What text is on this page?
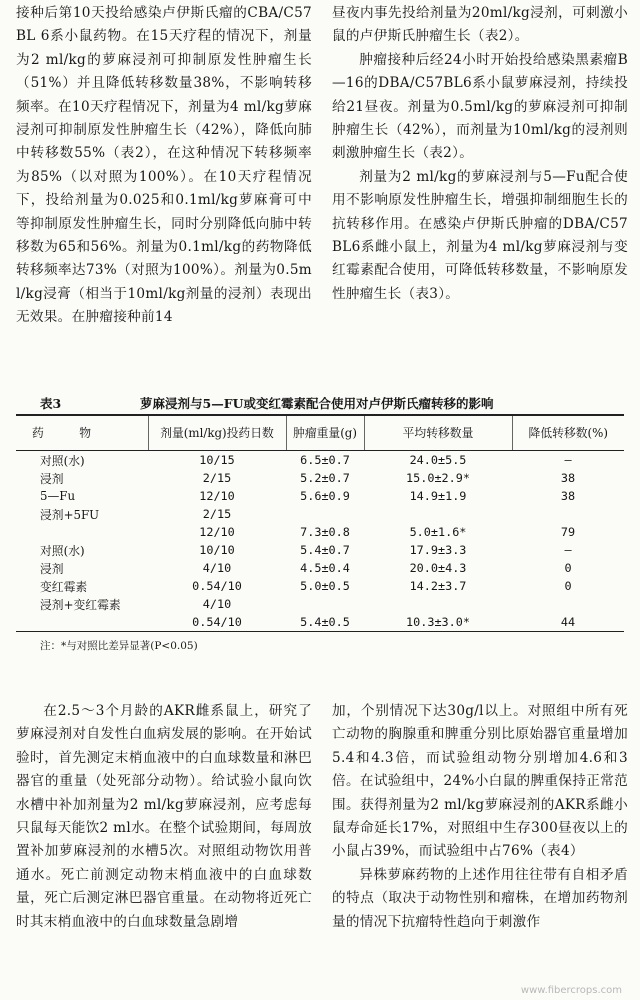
接种后第10天投给感染卢伊斯氏瘤的CBA/C57BL 6系小鼠药物。在15天疗程的情况下，剂量为2 ml/kg的萝麻浸剂可抑制原发性肿瘤生长（51%）并且降低转移数量38%，不影响转移频率。在10天疗程情况下，剂量为4 ml/kg萝麻浸剂可抑制原发性肿瘤生长（42%），降低向肺中转移数55%（表2），在这种情况下转移频率为85%（以对照为100%）。在10天疗程情况下，投给剂量为0.025和0.1ml/kg萝麻膏可中等抑制原发性肿瘤生长，同时分别降低向肺中转移数为65和56%。剂量为0.1ml/kg的药物降低转移频率达73%（对照为100%）。剂量为0.5ml/kg浸膏（相当于10ml/kg剂量的浸剂）表现出无效果。在肿瘤接种前14

昼夜内事先投给剂量为20ml/kg浸剂，可刺激小鼠的卢伊斯氏肿瘤生长（表2）。

肿瘤接种后经24小时开始投给感染黑素瘤B—16的DBA/C57BL6系小鼠萝麻浸剂，持续投给21昼夜。剂量为0.5ml/kg的萝麻浸剂可抑制肿瘤生长（42%），而剂量为10ml/kg的浸剂则刺激肿瘤生长（表2）。

剂量为2 ml/kg的萝麻浸剂与5—Fu配合使用不影响原发性肿瘤生长，增强抑制细胞生长的抗转移作用。在感染卢伊斯氏肿瘤的DBA/C57BL6系雌小鼠上，剂量为4 ml/kg萝麻浸剂与变红霉素配合使用，可降低转移数量，不影响原发性肿瘤生长（表3）。

表3	萝麻浸剂与5—FU或变红霉素配合使用对卢伊斯氏瘤转移的影响
药　　　物	剂量(ml/kg)投药日数	肿瘤重量(g)	平均转移数量	降低转移数(%)
对照(水)	10/15	6.5±0.7	24.0±5.5	—
浸剂	2/15	5.2±0.7	15.0±2.9*	38
5—Fu	12/10	5.6±0.9	14.9±1.9	38
浸剂+5FU	2/15			
	12/10	7.3±0.8	5.0±1.6*	79
对照(水)	10/10	5.4±0.7	17.9±3.3	—
浸剂	4/10	4.5±0.4	20.0±4.3	0
变红霉素	0.54/10	5.0±0.5	14.2±3.7	0
浸剂+变红霉素	4/10			
	0.54/10	5.4±0.5	10.3±3.0*	44
注：*与对照比差异显著(P<0.05)

在2.5～3个月龄的AKR雌系鼠上，研究了萝麻浸剂对自发性白血病发展的影响。在开始试验时，首先测定末梢血液中的白血球数量和淋巴器官的重量（处死部分动物）。给试验小鼠向饮水槽中补加剂量为2 ml/kg萝麻浸剂，应考虑每只鼠每天能饮2 ml水。在整个试验期间，每周放置补加萝麻浸剂的水槽5次。对照组动物饮用普通水。死亡前测定动物末梢血液中的白血球数量，死亡后测定淋巴器官重量。在动物将近死亡时其末梢血液中的白血球数量急剧增

加，个别情况下达30g/l以上。对照组中所有死亡动物的胸腺重和脾重分别比原始器官重量增加5.4和4.3倍，而试验组动物分别增加4.6和3倍。在试验组中，24%小白鼠的脾重保持正常范围。获得剂量为2 ml/kg萝麻浸剂的AKR系雌小鼠寿命延长17%，对照组中生存300昼夜以上的小鼠占39%，而试验组中占76%（表4）

异株萝麻药物的上述作用往往带有自相矛盾的特点（取决于动物性别和瘤株，在增加药物剂量的情况下抗瘤特性趋向于刺激作

www.fibercrops.com
